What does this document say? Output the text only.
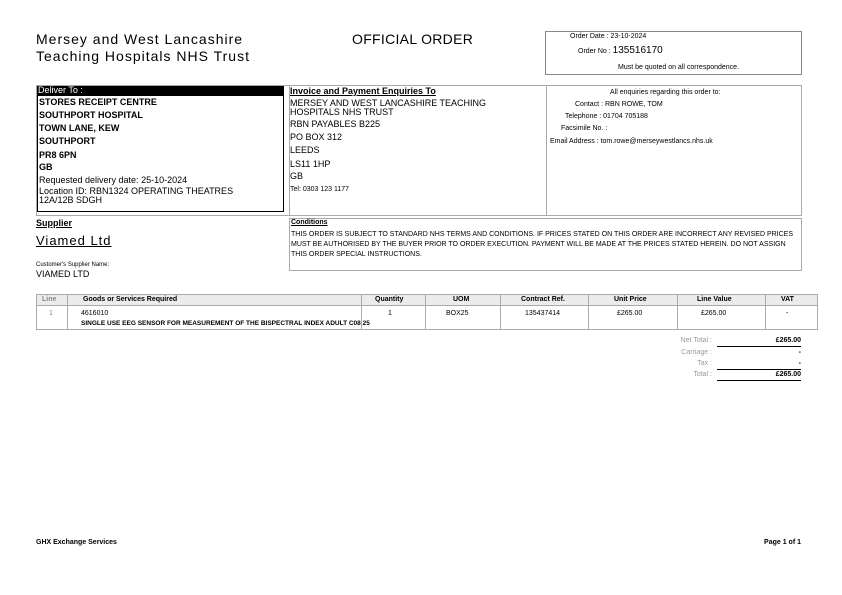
Mersey and West Lancashire
Teaching Hospitals NHS Trust
OFFICIAL ORDER	Order Date : 23-10-2024
Order No : 135516170
Must be quoted on all correspondence.
Deliver To :
STORES RECEIPT CENTRE
SOUTHPORT HOSPITAL
TOWN LANE, KEW
SOUTHPORT
PR8 6PN
GB
Requested delivery date: 25-10-2024
Location ID: RBN1324 OPERATING THEATRES
12A/12B SDGH
Invoice and Payment Enquiries To
MERSEY AND WEST LANCASHIRE TEACHING
HOSPITALS NHS TRUST
RBN PAYABLES B225
PO BOX 312
LEEDS
LS11 1HP
GB
Tel: 0303 123 1177
All enquiries regarding this order to:
Contact : RBN ROWE, TOM
Telephone : 01704 705188
Facsimile No. :
Email Address : tom.rowe@merseywestlancs.nhs.uk
Supplier
Viamed Ltd
Customer's Supplier Name:
VIAMED LTD
Conditions
THIS ORDER IS SUBJECT TO STANDARD NHS TERMS AND CONDITIONS. IF PRICES STATED ON THIS ORDER ARE INCORRECT ANY REVISED PRICES MUST BE AUTHORISED BY THE BUYER PRIOR TO ORDER EXECUTION. PAYMENT WILL BE MADE AT THE PRICES STATED HEREIN. DO NOT ASSIGN THIS ORDER SPECIAL INSTRUCTIONS.
Line	Goods or Services Required	Quantity	UOM	Contract Ref.	Unit Price	Line Value	VAT
1	4616010	1	BOX25	135437414	£265.00	£265.00	-
SINGLE USE EEG SENSOR FOR MEASUREMENT OF THE BISPECTRAL INDEX ADULT C08 25
Net Total :	£265.00
Carriage :	-
Tax :	-
Total :	£265.00
GHX Exchange Services	Page 1 of 1
